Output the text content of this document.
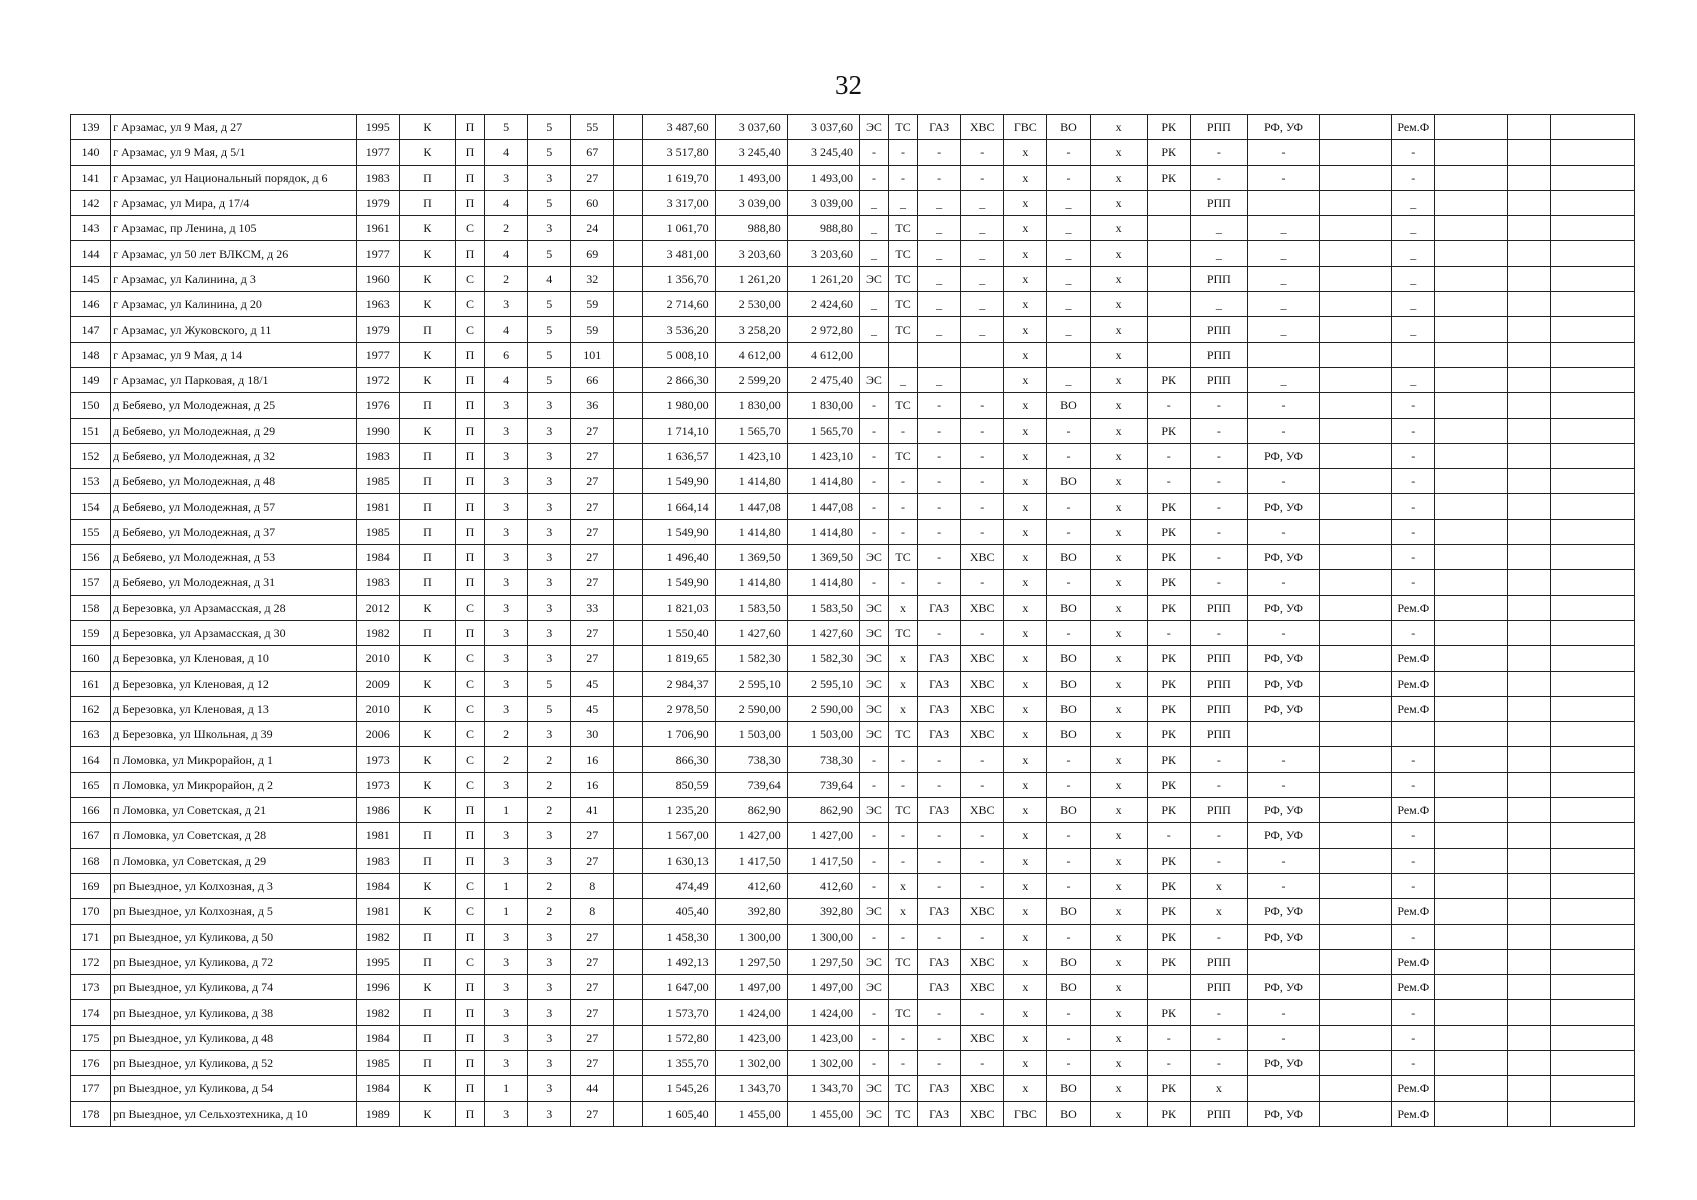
32
139	г Арзамас, ул 9 Мая, д 27	1995	К	П	5	5	55		3 487,60	3 037,60	3 037,60	ЭС	ТС	ГАЗ	ХВС	ГВС	ВО	х	РК	РПП	РФ, УФ		Рем.Ф			
140	г Арзамас, ул 9 Мая, д 5/1	1977	К	П	4	5	67		3 517,80	3 245,40	3 245,40	-	-	-	-	х	-	х	РК	-	-		-			
141	г Арзамас, ул Национальный порядок, д 6	1983	П	П	3	3	27		1 619,70	1 493,00	1 493,00	-	-	-	-	х	-	х	РК	-	-		-			
142	г Арзамас, ул Мира, д 17/4	1979	П	П	4	5	60		3 317,00	3 039,00	3 039,00	_	_	_	_	х	_	х		РПП			_			
143	г Арзамас, пр Ленина, д 105	1961	К	С	2	3	24		1 061,70	988,80	988,80	_	ТС	_	_	х	_	х		_	_		_			
144	г Арзамас, ул 50 лет ВЛКСМ, д 26	1977	К	П	4	5	69		3 481,00	3 203,60	3 203,60	_	ТС	_	_	х	_	х		_	_		_			
145	г Арзамас, ул Калинина, д 3	1960	К	С	2	4	32		1 356,70	1 261,20	1 261,20	ЭС	ТС	_	_	х	_	х		РПП	_		_			
146	г Арзамас, ул Калинина, д 20	1963	К	С	3	5	59		2 714,60	2 530,00	2 424,60	_	ТС	_	_	х	_	х		_	_		_			
147	г Арзамас, ул Жуковского, д 11	1979	П	С	4	5	59		3 536,20	3 258,20	2 972,80	_	ТС	_	_	х	_	х		РПП	_		_			
148	г Арзамас, ул 9 Мая, д 14	1977	К	П	6	5	101		5 008,10	4 612,00	4 612,00					х		х		РПП						
149	г Арзамас, ул Парковая, д 18/1	1972	К	П	4	5	66		2 866,30	2 599,20	2 475,40	ЭС	_	_		х	_	х	РК	РПП	_		_			
150	д Бебяево, ул Молодежная, д 25	1976	П	П	3	3	36		1 980,00	1 830,00	1 830,00	-	ТС	-	-	х	ВО	х	-	-	-		-			
151	д Бебяево, ул Молодежная, д 29	1990	К	П	3	3	27		1 714,10	1 565,70	1 565,70	-	-	-	-	х	-	х	РК	-	-		-			
152	д Бебяево, ул Молодежная, д 32	1983	П	П	3	3	27		1 636,57	1 423,10	1 423,10	-	ТС	-	-	х	-	х	-	-	РФ, УФ		-			
153	д Бебяево, ул Молодежная, д 48	1985	П	П	3	3	27		1 549,90	1 414,80	1 414,80	-	-	-	-	х	ВО	х	-	-	-		-			
154	д Бебяево, ул Молодежная, д 57	1981	П	П	3	3	27		1 664,14	1 447,08	1 447,08	-	-	-	-	х	-	х	РК	-	РФ, УФ		-			
155	д Бебяево, ул Молодежная, д 37	1985	П	П	3	3	27		1 549,90	1 414,80	1 414,80	-	-	-	-	х	-	х	РК	-	-		-			
156	д Бебяево, ул Молодежная, д 53	1984	П	П	3	3	27		1 496,40	1 369,50	1 369,50	ЭС	ТС	-	ХВС	х	ВО	х	РК	-	РФ, УФ		-			
157	д Бебяево, ул Молодежная, д 31	1983	П	П	3	3	27		1 549,90	1 414,80	1 414,80	-	-	-	-	х	-	х	РК	-	-		-			
158	д Березовка, ул Арзамасская, д 28	2012	К	С	3	3	33		1 821,03	1 583,50	1 583,50	ЭС	х	ГАЗ	ХВС	х	ВО	х	РК	РПП	РФ, УФ		Рем.Ф			
159	д Березовка, ул Арзамасская, д 30	1982	П	П	3	3	27		1 550,40	1 427,60	1 427,60	ЭС	ТС	-	-	х	-	х	-	-	-		-			
160	д Березовка, ул Кленовая, д 10	2010	К	С	3	3	27		1 819,65	1 582,30	1 582,30	ЭС	х	ГАЗ	ХВС	х	ВО	х	РК	РПП	РФ, УФ		Рем.Ф			
161	д Березовка, ул Кленовая, д 12	2009	К	С	3	5	45		2 984,37	2 595,10	2 595,10	ЭС	х	ГАЗ	ХВС	х	ВО	х	РК	РПП	РФ, УФ		Рем.Ф			
162	д Березовка, ул Кленовая, д 13	2010	К	С	3	5	45		2 978,50	2 590,00	2 590,00	ЭС	х	ГАЗ	ХВС	х	ВО	х	РК	РПП	РФ, УФ		Рем.Ф			
163	д Березовка, ул Школьная, д 39	2006	К	С	2	3	30		1 706,90	1 503,00	1 503,00	ЭС	ТС	ГАЗ	ХВС	х	ВО	х	РК	РПП						
164	п Ломовка, ул Микрорайон, д 1	1973	К	С	2	2	16		866,30	738,30	738,30	-	-	-	-	х	-	х	РК	-	-		-			
165	п Ломовка, ул Микрорайон, д 2	1973	К	С	3	2	16		850,59	739,64	739,64	-	-	-	-	х	-	х	РК	-	-		-			
166	п Ломовка, ул Советская, д 21	1986	К	П	1	2	41		1 235,20	862,90	862,90	ЭС	ТС	ГАЗ	ХВС	х	ВО	х	РК	РПП	РФ, УФ		Рем.Ф			
167	п Ломовка, ул Советская, д 28	1981	П	П	3	3	27		1 567,00	1 427,00	1 427,00	-	-	-	-	х	-	х	-	-	РФ, УФ		-			
168	п Ломовка, ул Советская, д 29	1983	П	П	3	3	27		1 630,13	1 417,50	1 417,50	-	-	-	-	х	-	х	РК	-	-		-			
169	рп Выездное, ул Колхозная, д 3	1984	К	С	1	2	8		474,49	412,60	412,60	-	х	-	-	х	-	х	РК	х	-		-			
170	рп Выездное, ул Колхозная, д 5	1981	К	С	1	2	8		405,40	392,80	392,80	ЭС	х	ГАЗ	ХВС	х	ВО	х	РК	х	РФ, УФ		Рем.Ф			
171	рп Выездное, ул Куликова, д 50	1982	П	П	3	3	27		1 458,30	1 300,00	1 300,00	-	-	-	-	х	-	х	РК	-	РФ, УФ		-			
172	рп Выездное, ул Куликова, д 72	1995	П	С	3	3	27		1 492,13	1 297,50	1 297,50	ЭС	ТС	ГАЗ	ХВС	х	ВО	х	РК	РПП			Рем.Ф			
173	рп Выездное, ул Куликова, д 74	1996	К	П	3	3	27		1 647,00	1 497,00	1 497,00	ЭС		ГАЗ	ХВС	х	ВО	х		РПП	РФ, УФ		Рем.Ф			
174	рп Выездное, ул Куликова, д 38	1982	П	П	3	3	27		1 573,70	1 424,00	1 424,00	-	ТС	-	-	х	-	х	РК	-	-		-			
175	рп Выездное, ул Куликова, д 48	1984	П	П	3	3	27		1 572,80	1 423,00	1 423,00	-	-	-	ХВС	х	-	х	-	-	-		-			
176	рп Выездное, ул Куликова, д 52	1985	П	П	3	3	27		1 355,70	1 302,00	1 302,00	-	-	-	-	х	-	х	-	-	РФ, УФ		-			
177	рп Выездное, ул Куликова, д 54	1984	К	П	1	3	44		1 545,26	1 343,70	1 343,70	ЭС	ТС	ГАЗ	ХВС	х	ВО	х	РК	х			Рем.Ф			
178	рп Выездное, ул Сельхозтехника, д 10	1989	К	П	3	3	27		1 605,40	1 455,00	1 455,00	ЭС	ТС	ГАЗ	ХВС	ГВС	ВО	х	РК	РПП	РФ, УФ		Рем.Ф			
